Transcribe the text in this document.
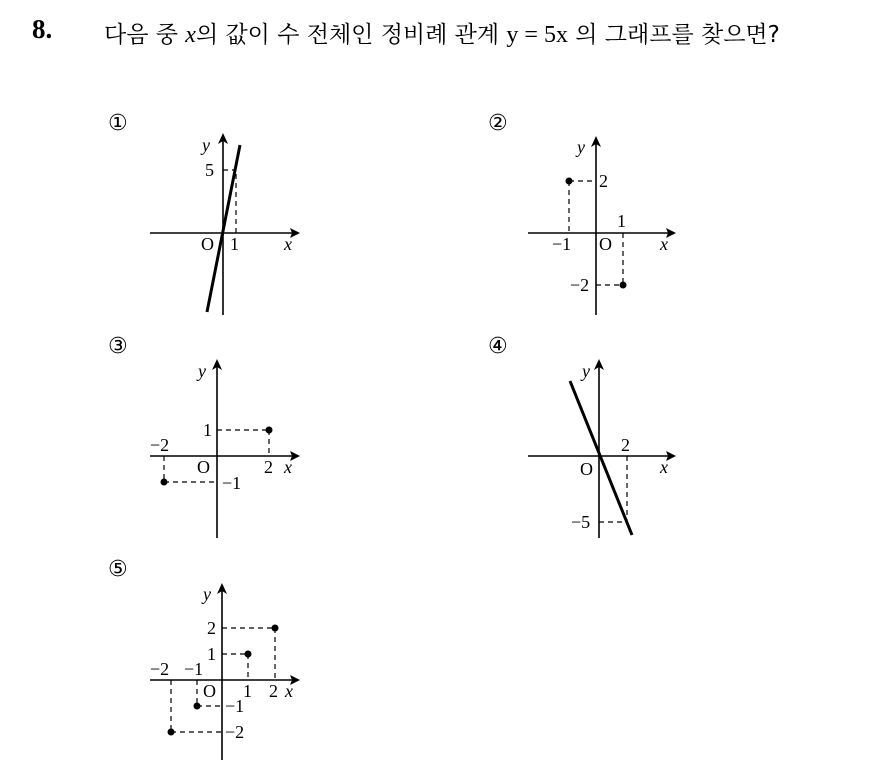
8. 다음 중 x의 값이 수 전체인 정비례 관계 y = 5x 의 그래프를 찾으면?
①
y
5
O 1	x
②
y
2
−1 O
1
x
−2
③
y
1
−2
O	2 x
−1
④
y
O
2
x
−5
⑤
y
2
1
−2 −1
O 1 2 x
−1
−2
